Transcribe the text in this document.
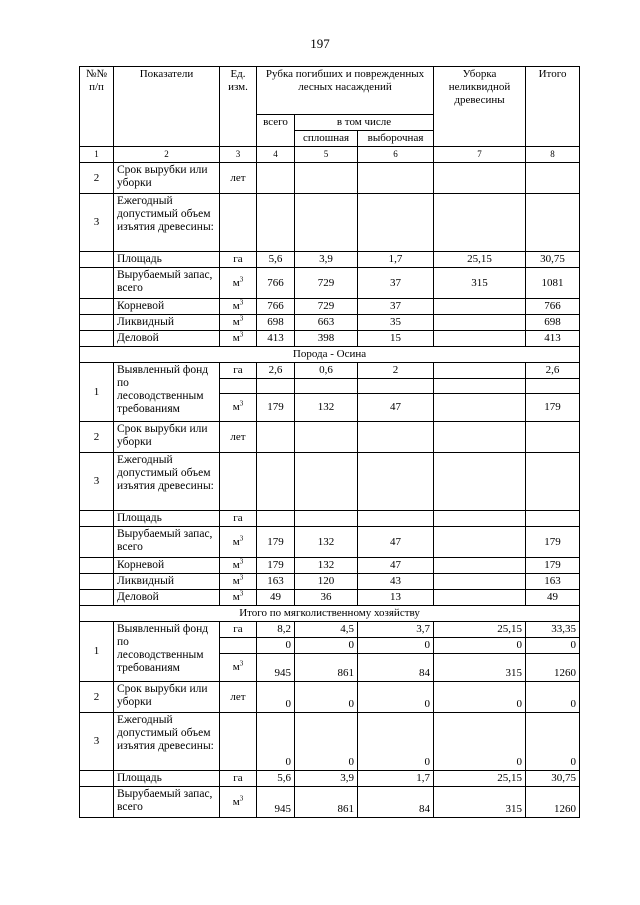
197
№№ п/п	Показатели	Ед. изм.	Рубка погибших и поврежденных лесных насаждений			Уборка неликвидной древесины	Итого
			всего	в том числе			
				сплошная	выборочная		
1	2	3	4	5	6	7	8
2	Срок вырубки или уборки	лет					
3	Ежегодный допустимый объем изъятия древесины:						
	Площадь	га	5,6	3,9	1,7	25,15	30,75
	Вырубаемый запас, всего	$м^3$	766	729	37	315	1081
	Корневой	$м^3$	766	729	37		766
	Ликвидный	$м^3$	698	663	35		698
	Деловой	$м^3$	413	398	15		413
Порода - Осина							
1	Выявленный фонд по лесоводственным требованиям	га	2,6	0,6	2		2,6

		$м^3$	179	132	47		179
2	Срок вырубки или уборки	лет					
3	Ежегодный допустимый объем изъятия древесины:						
	Площадь	га					
	Вырубаемый запас, всего	$м^3$	179	132	47		179
	Корневой	$м^3$	179	132	47		179
	Ликвидный	$м^3$	163	120	43		163
	Деловой	$м^3$	49	36	13		49
Итого по мягколиственному хозяйству							
1	Выявленный фонд по лесоводственным требованиям	га	8,2	4,5	3,7	25,15	33,35
			0	0	0	0	0
		$м^3$	945	861	84	315	1260
2	Срок вырубки или уборки	лет	0	0	0	0	0
3	Ежегодный допустимый объем изъятия древесины:		0	0	0	0	0
	Площадь	га	5,6	3,9	1,7	25,15	30,75
	Вырубаемый запас, всего	$м^3$	945	861	84	315	1260
